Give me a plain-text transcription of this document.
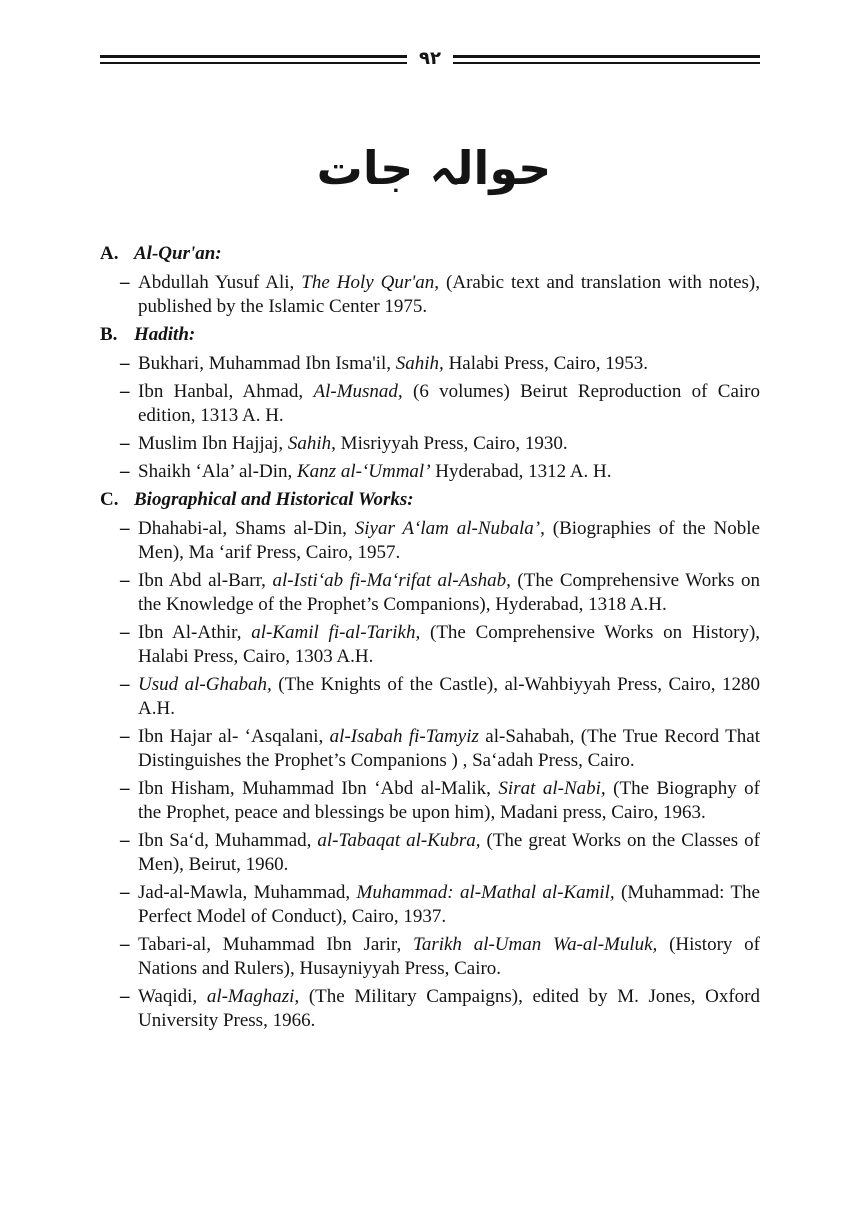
۹۲
حوالہ جات
A. Al-Qur'an:
– Abdullah Yusuf Ali, The Holy Qur'an, (Arabic text and translation with notes), published by the Islamic Center 1975.
B. Hadith:
– Bukhari, Muhammad Ibn Isma'il, Sahih, Halabi Press, Cairo, 1953.
– Ibn Hanbal, Ahmad, Al-Musnad, (6 volumes) Beirut Reproduction of Cairo edition, 1313 A. H.
– Muslim Ibn Hajjaj, Sahih, Misriyyah Press, Cairo, 1930.
– Shaikh ‘Ala’ al-Din, Kanz al-‘Ummal’ Hyderabad, 1312 A. H.
C. Biographical and Historical Works:
– Dhahabi-al, Shams al-Din, Siyar A‘lam al-Nubala’, (Biographies of the Noble Men), Ma ‘arif Press, Cairo, 1957.
– Ibn Abd al-Barr, al-Isti‘ab fi-Ma‘rifat al-Ashab, (The Comprehensive Works on the Knowledge of the Prophet’s Companions), Hyderabad, 1318 A.H.
– Ibn Al-Athir, al-Kamil fi-al-Tarikh, (The Comprehensive Works on History), Halabi Press, Cairo, 1303 A.H.
– Usud al-Ghabah, (The Knights of the Castle), al-Wahbiyyah Press, Cairo, 1280 A.H.
– Ibn Hajar al- ‘Asqalani, al-Isabah fi-Tamyiz al-Sahabah, (The True Record That Distinguishes the Prophet’s Companions ) , Sa‘adah Press, Cairo.
– Ibn Hisham, Muhammad Ibn ‘Abd al-Malik, Sirat al-Nabi, (The Biography of the Prophet, peace and blessings be upon him), Madani press, Cairo, 1963.
– Ibn Sa‘d, Muhammad, al-Tabaqat al-Kubra, (The great Works on the Classes of Men), Beirut, 1960.
– Jad-al-Mawla, Muhammad, Muhammad: al-Mathal al-Kamil, (Muhammad: The Perfect Model of Conduct), Cairo, 1937.
– Tabari-al, Muhammad Ibn Jarir, Tarikh al-Uman Wa-al-Muluk, (History of Nations and Rulers), Husayniyyah Press, Cairo.
– Waqidi, al-Maghazi, (The Military Campaigns), edited by M. Jones, Oxford University Press, 1966.
